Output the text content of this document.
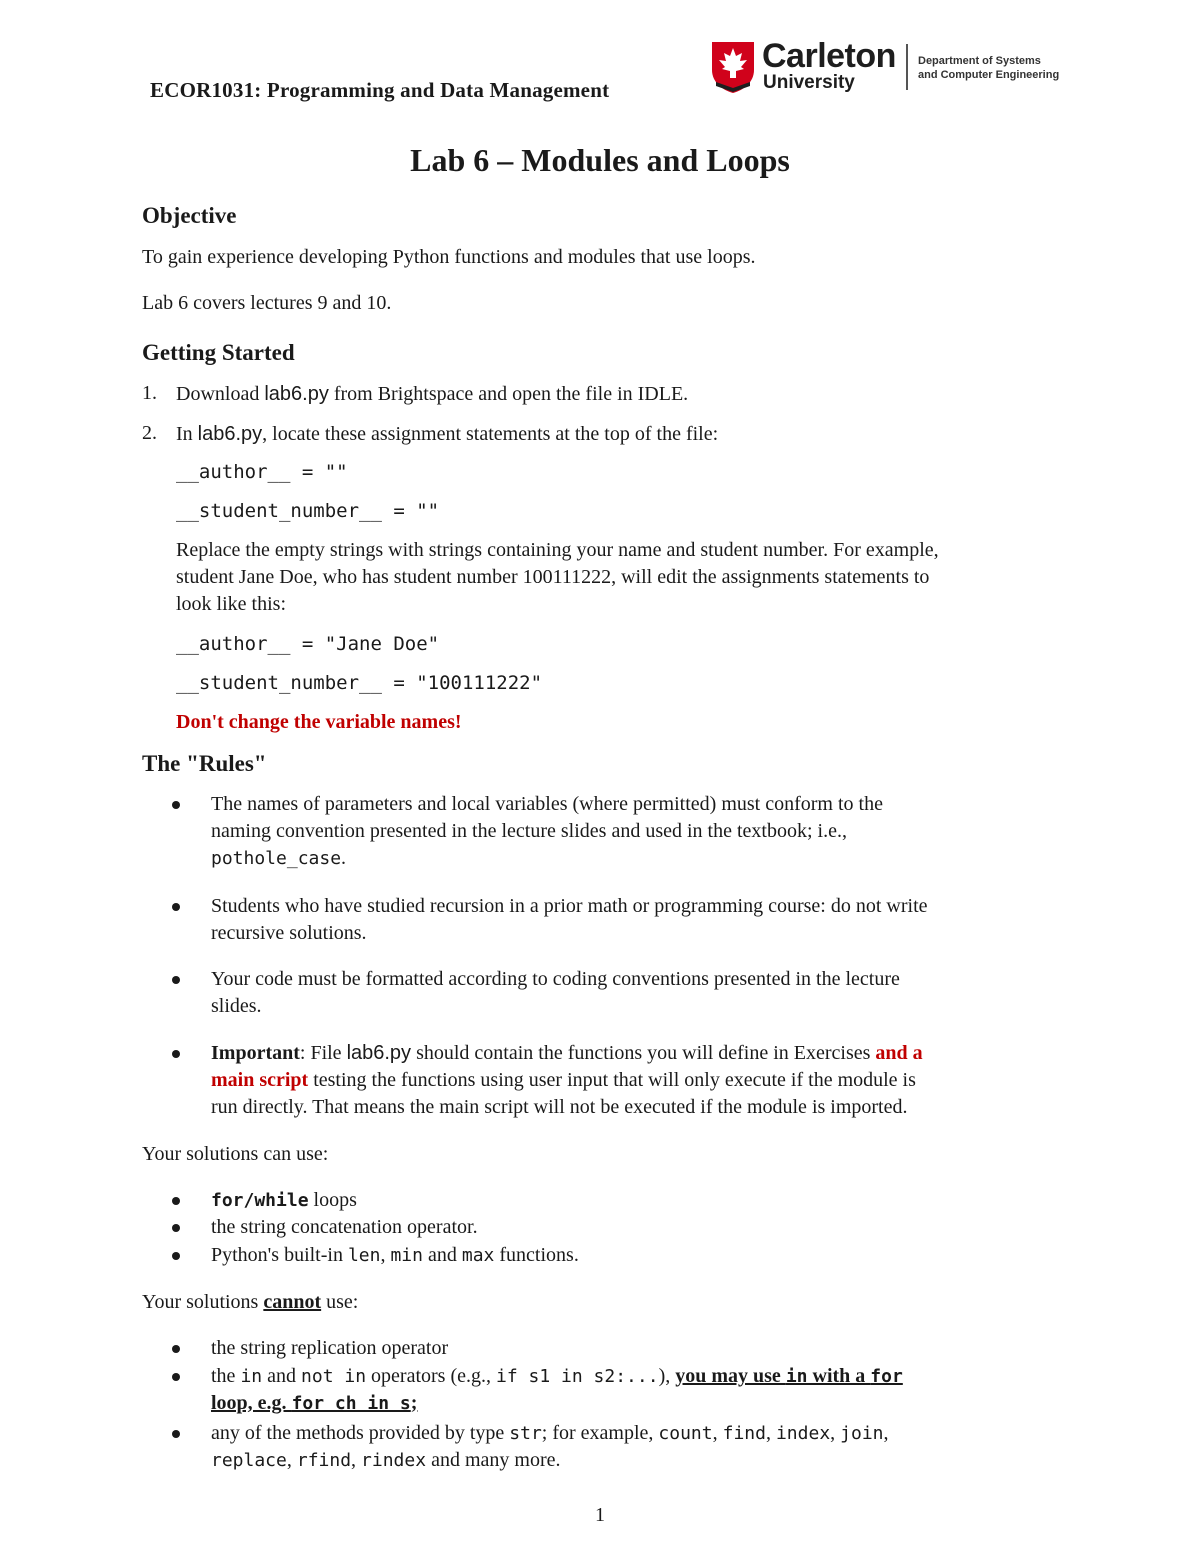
ECOR1031: Programming and Data Management
Carleton
University
Department of Systems
and Computer Engineering
Lab 6 – Modules and Loops
Objective

To gain experience developing Python functions and modules that use loops.

Lab 6 covers lectures 9 and 10.

Getting Started
1. Download lab6.py from Brightspace and open the file in IDLE.

2. In lab6.py, locate these assignment statements at the top of the file:

__author__ = ""

__student_number__ = ""

Replace the empty strings with strings containing your name and student number. For example,

student Jane Doe, who has student number 100111222, will edit the assignments statements to

look like this:

__author__ = "Jane Doe"

__student_number__ = "100111222"

Don't change the variable names!

The "Rules"
The names of parameters and local variables (where permitted) must conform to the
naming convention presented in the lecture slides and used in the textbook; i.e.,
pothole_case.
Students who have studied recursion in a prior math or programming course: do not write
recursive solutions.
Your code must be formatted according to coding conventions presented in the lecture
slides.
Important: File lab6.py should contain the functions you will define in Exercises and a
main script testing the functions using user input that will only execute if the module is
run directly. That means the main script will not be executed if the module is imported.

Your solutions can use:

for/while loops
the string concatenation operator.
Python's built-in len, min and max functions.

Your solutions cannot use:

the string replication operator
the in and not in operators (e.g., if s1 in s2:...), you may use in with a for
loop, e.g. for ch in s;
any of the methods provided by type str; for example, count, find, index, join,
replace, rfind, rindex and many more.
1
